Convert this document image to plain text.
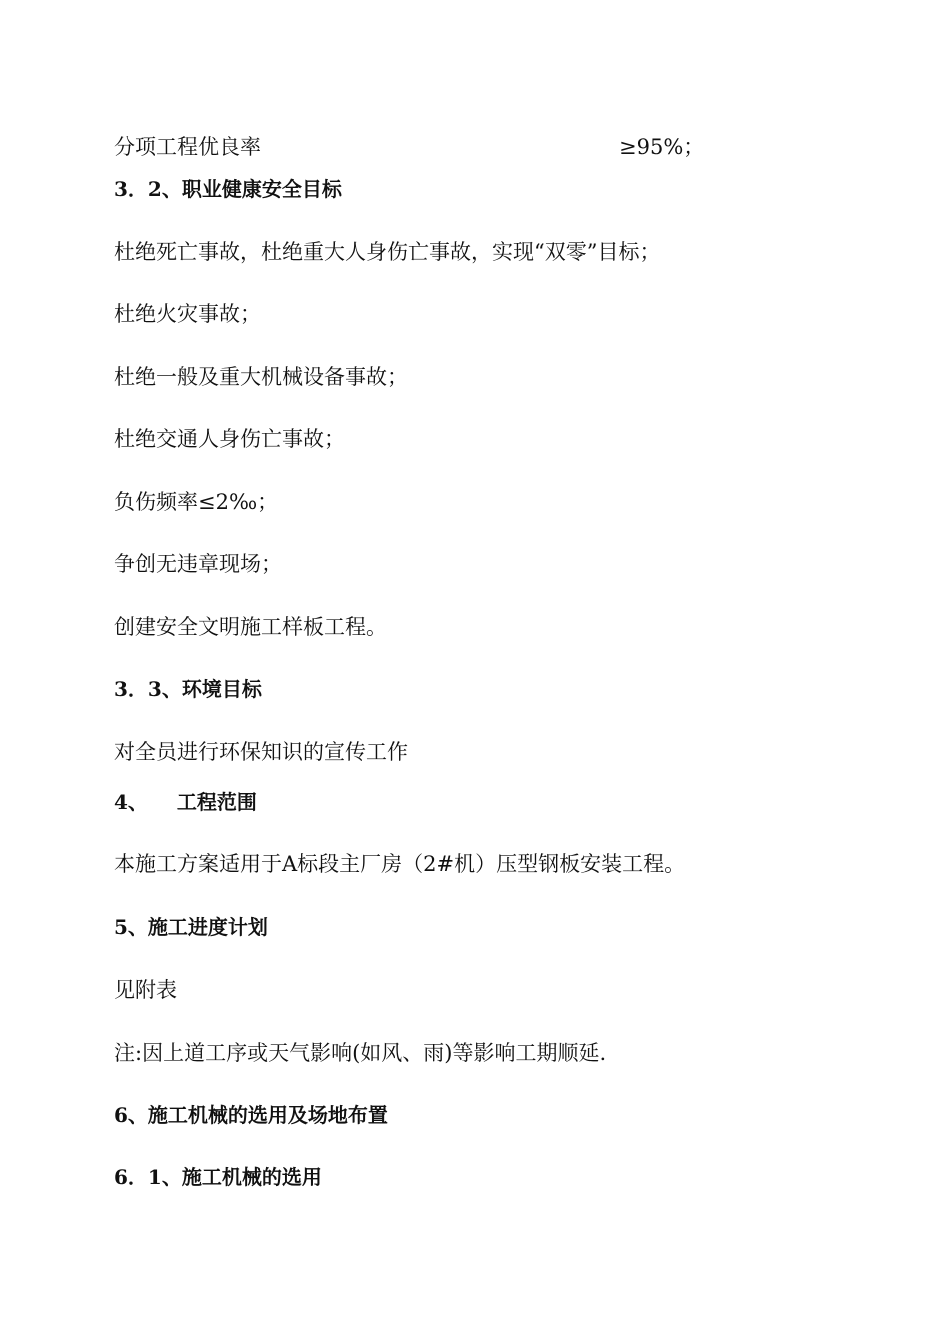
分项工程优良率	≥95%；
3．2、职业健康安全目标
杜绝死亡事故，杜绝重大人身伤亡事故，实现“双零”目标；
杜绝火灾事故；
杜绝一般及重大机械设备事故；
杜绝交通人身伤亡事故；
负伤频率≤2‰；
争创无违章现场；
创建安全文明施工样板工程。
3．3、环境目标
对全员进行环保知识的宣传工作
4、 工程范围
本施工方案适用于A标段主厂房（2#机）压型钢板安装工程。
5、施工进度计划
见附表
注:因上道工序或天气影响(如风、雨)等影响工期顺延.
6、施工机械的选用及场地布置
6．1、施工机械的选用
